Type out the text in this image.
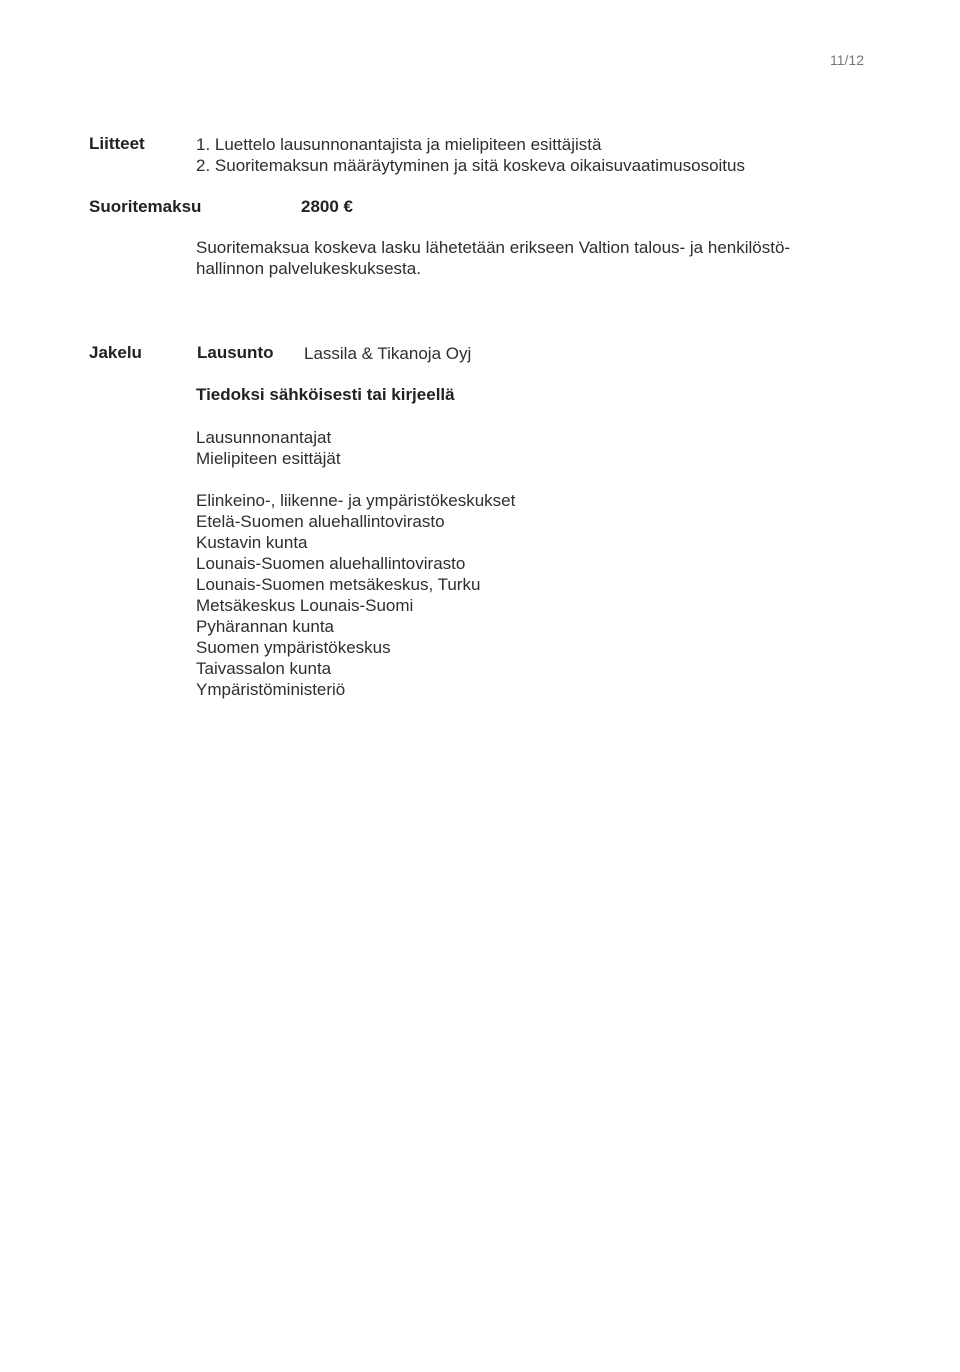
11/12
Liitteet	1. Luettelo lausunnonantajista ja mielipiteen esittäjistä
2. Suoritemaksun määräytyminen ja sitä koskeva oikaisuvaatimusosoitus
Suoritemaksu	2800 €
Suoritemaksua koskeva lasku lähetetään erikseen Valtion talous- ja henkilöstö-
hallinnon palvelukeskuksesta.
Jakelu	Lausunto Lassila & Tikanoja Oyj
Tiedoksi sähköisesti tai kirjeellä
Lausunnonantajat
Mielipiteen esittäjät
Elinkeino-, liikenne- ja ympäristökeskukset
Etelä-Suomen aluehallintovirasto
Kustavin kunta
Lounais-Suomen aluehallintovirasto
Lounais-Suomen metsäkeskus, Turku
Metsäkeskus Lounais-Suomi
Pyhärannan kunta
Suomen ympäristökeskus
Taivassalon kunta
Ympäristöministeriö
